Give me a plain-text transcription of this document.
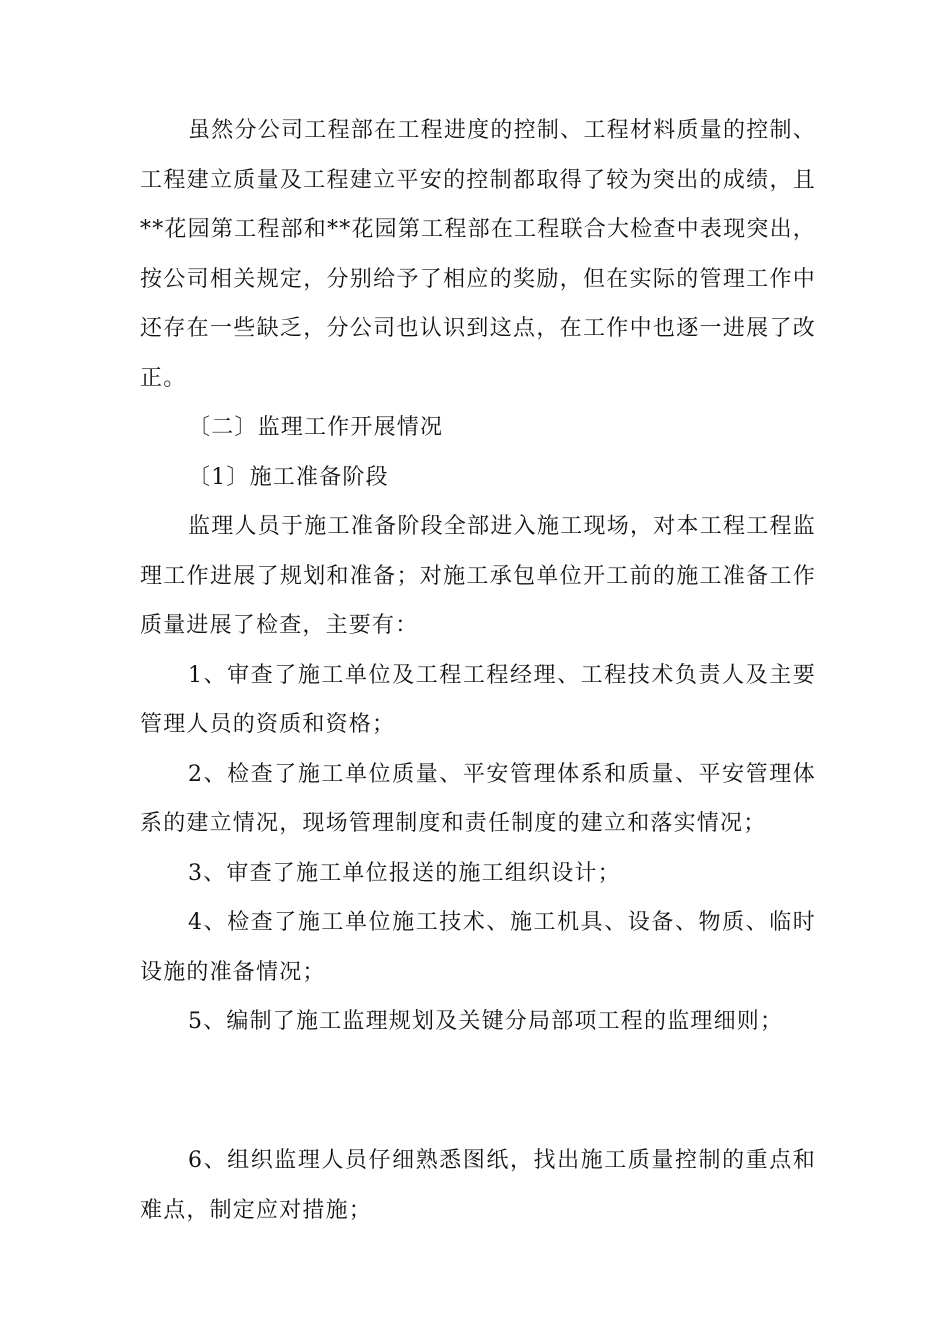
虽然分公司工程部在工程进度的控制、工程材料质量的控制、工程建立质量及工程建立平安的控制都取得了较为突出的成绩，且**花园第工程部和**花园第工程部在工程联合大检查中表现突出，按公司相关规定，分别给予了相应的奖励，但在实际的管理工作中还存在一些缺乏，分公司也认识到这点，在工作中也逐一进展了改正。

〔二〕监理工作开展情况

〔1〕施工准备阶段

监理人员于施工准备阶段全部进入施工现场，对本工程工程监理工作进展了规划和准备；对施工承包单位开工前的施工准备工作质量进展了检查，主要有：

1、审查了施工单位及工程工程经理、工程技术负责人及主要管理人员的资质和资格；

2、检查了施工单位质量、平安管理体系和质量、平安管理体系的建立情况，现场管理制度和责任制度的建立和落实情况；

3、审查了施工单位报送的施工组织设计；

4、检查了施工单位施工技术、施工机具、设备、物质、临时设施的准备情况；

5、编制了施工监理规划及关键分局部项工程的监理细则；

6、组织监理人员仔细熟悉图纸，找出施工质量控制的重点和难点，制定应对措施；
